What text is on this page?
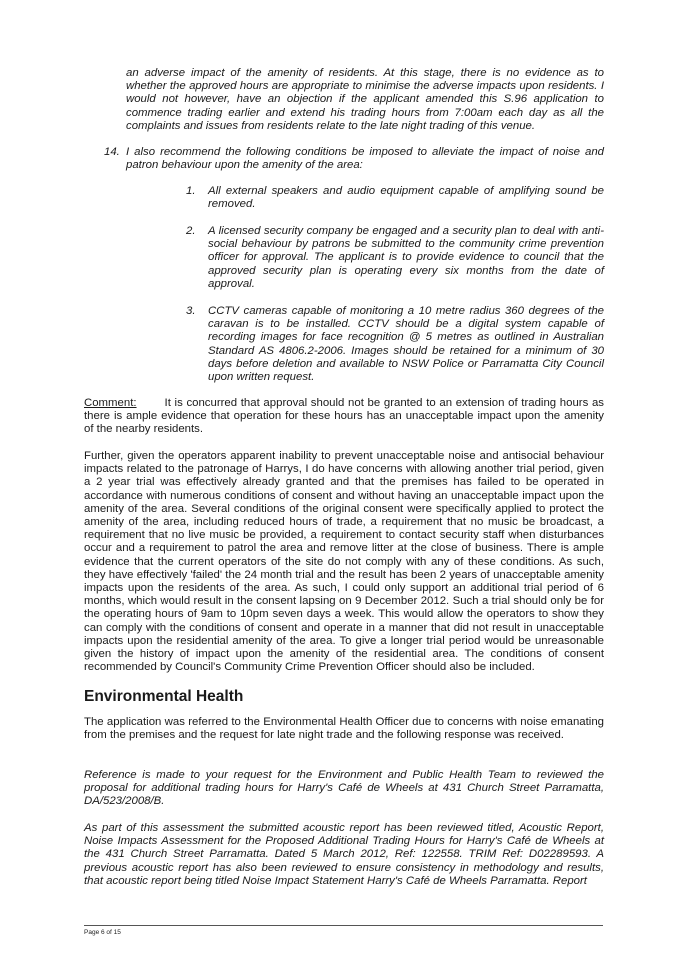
an adverse impact of the amenity of residents. At this stage, there is no evidence as to whether the approved hours are appropriate to minimise the adverse impacts upon residents. I would not however, have an objection if the applicant amended this S.96 application to commence trading earlier and extend his trading hours from 7:00am each day as all the complaints and issues from residents relate to the late night trading of this venue.

14. I also recommend the following conditions be imposed to alleviate the impact of noise and patron behaviour upon the amenity of the area:

1. All external speakers and audio equipment capable of amplifying sound be removed.

2. A licensed security company be engaged and a security plan to deal with anti-social behaviour by patrons be submitted to the community crime prevention officer for approval. The applicant is to provide evidence to council that the approved security plan is operating every six months from the date of approval.

3. CCTV cameras capable of monitoring a 10 metre radius 360 degrees of the caravan is to be installed. CCTV should be a digital system capable of recording images for face recognition @ 5 metres as outlined in Australian Standard AS 4806.2-2006. Images should be retained for a minimum of 30 days before deletion and available to NSW Police or Parramatta City Council upon written request.

Comment: It is concurred that approval should not be granted to an extension of trading hours as there is ample evidence that operation for these hours has an unacceptable impact upon the amenity of the nearby residents.

Further, given the operators apparent inability to prevent unacceptable noise and antisocial behaviour impacts related to the patronage of Harrys, I do have concerns with allowing another trial period, given a 2 year trial was effectively already granted and that the premises has failed to be operated in accordance with numerous conditions of consent and without having an unacceptable impact upon the amenity of the area. Several conditions of the original consent were specifically applied to protect the amenity of the area, including reduced hours of trade, a requirement that no music be broadcast, a requirement that no live music be provided, a requirement to contact security staff when disturbances occur and a requirement to patrol the area and remove litter at the close of business. There is ample evidence that the current operators of the site do not comply with any of these conditions. As such, they have effectively 'failed' the 24 month trial and the result has been 2 years of unacceptable amenity impacts upon the residents of the area. As such, I could only support an additional trial period of 6 months, which would result in the consent lapsing on 9 December 2012. Such a trial should only be for the operating hours of 9am to 10pm seven days a week. This would allow the operators to show they can comply with the conditions of consent and operate in a manner that did not result in unacceptable impacts upon the residential amenity of the area. To give a longer trial period would be unreasonable given the history of impact upon the amenity of the residential area. The conditions of consent recommended by Council's Community Crime Prevention Officer should also be included.

Environmental Health

The application was referred to the Environmental Health Officer due to concerns with noise emanating from the premises and the request for late night trade and the following response was received.

Reference is made to your request for the Environment and Public Health Team to reviewed the proposal for additional trading hours for Harry's Café de Wheels at 431 Church Street Parramatta, DA/523/2008/B.

As part of this assessment the submitted acoustic report has been reviewed titled, Acoustic Report, Noise Impacts Assessment for the Proposed Additional Trading Hours for Harry's Café de Wheels at the 431 Church Street Parramatta. Dated 5 March 2012, Ref: 122558. TRIM Ref: D02289593. A previous acoustic report has also been reviewed to ensure consistency in methodology and results, that acoustic report being titled Noise Impact Statement Harry's Café de Wheels Parramatta. Report

Page 6 of 15
